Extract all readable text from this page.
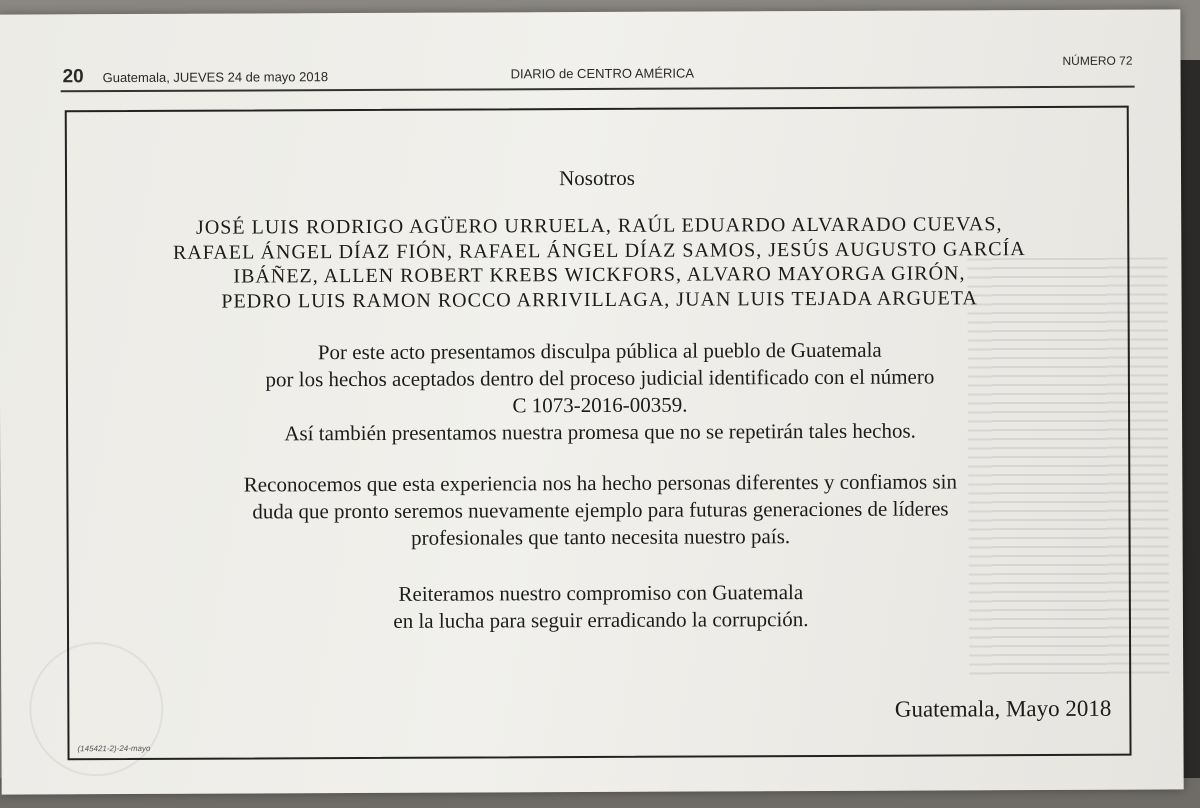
20 Guatemala, JUEVES 24 de mayo 2018	DIARIO de CENTRO AMÉRICA
NÚMERO 72
Nosotros
JOSÉ LUIS RODRIGO AGÜERO URRUELA, RAÚL EDUARDO ALVARADO CUEVAS,
RAFAEL ÁNGEL DÍAZ FIÓN, RAFAEL ÁNGEL DÍAZ SAMOS, JESÚS AUGUSTO GARCÍA
IBÁÑEZ, ALLEN ROBERT KREBS WICKFORS, ALVARO MAYORGA GIRÓN,
PEDRO LUIS RAMON ROCCO ARRIVILLAGA, JUAN LUIS TEJADA ARGUETA
Por este acto presentamos disculpa pública al pueblo de Guatemala
por los hechos aceptados dentro del proceso judicial identificado con el número
C 1073-2016-00359.
Así también presentamos nuestra promesa que no se repetirán tales hechos.
Reconocemos que esta experiencia nos ha hecho personas diferentes y confiamos sin
duda que pronto seremos nuevamente ejemplo para futuras generaciones de líderes
profesionales que tanto necesita nuestro país.
Reiteramos nuestro compromiso con Guatemala
en la lucha para seguir erradicando la corrupción.
Guatemala, Mayo 2018
(145421-2)-24-mayo
